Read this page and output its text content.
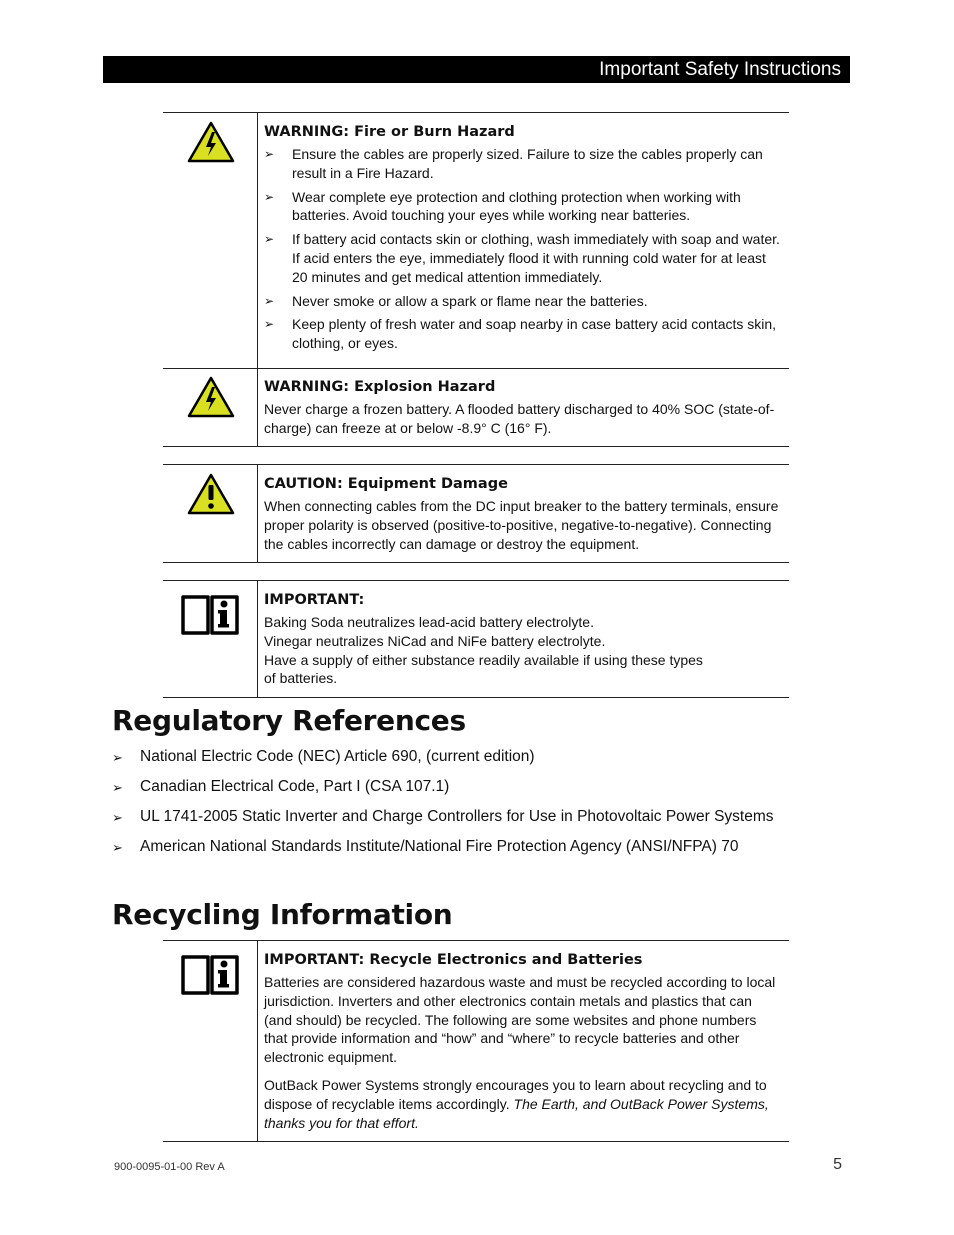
Important Safety Instructions

WARNING: Fire or Burn Hazard

➢ Ensure the cables are properly sized. Failure to size the cables properly can result in a Fire Hazard.
➢ Wear complete eye protection and clothing protection when working with batteries. Avoid touching your eyes while working near batteries.
➢ If battery acid contacts skin or clothing, wash immediately with soap and water. If acid enters the eye, immediately flood it with running cold water for at least 20 minutes and get medical attention immediately.
➢ Never smoke or allow a spark or flame near the batteries.
➢ Keep plenty of fresh water and soap nearby in case battery acid contacts skin, clothing, or eyes.

WARNING: Explosion Hazard

Never charge a frozen battery. A flooded battery discharged to 40% SOC (state-of-charge) can freeze at or below -8.9° C (16° F).

CAUTION: Equipment Damage

When connecting cables from the DC input breaker to the battery terminals, ensure proper polarity is observed (positive-to-positive, negative-to-negative). Connecting the cables incorrectly can damage or destroy the equipment.

IMPORTANT:

Baking Soda neutralizes lead-acid battery electrolyte.
Vinegar neutralizes NiCad and NiFe battery electrolyte.
Have a supply of either substance readily available if using these types
of batteries.
Regulatory References
➢ National Electric Code (NEC) Article 690, (current edition)
➢ Canadian Electrical Code, Part I (CSA 107.1)
➢ UL 1741-2005 Static Inverter and Charge Controllers for Use in Photovoltaic Power Systems
➢ American National Standards Institute/National Fire Protection Agency (ANSI/NFPA) 70
Recycling Information

IMPORTANT: Recycle Electronics and Batteries

Batteries are considered hazardous waste and must be recycled according to local jurisdiction. Inverters and other electronics contain metals and plastics that can (and should) be recycled. The following are some websites and phone numbers that provide information and “how” and “where” to recycle batteries and other electronic equipment.

OutBack Power Systems strongly encourages you to learn about recycling and to dispose of recyclable items accordingly. The Earth, and OutBack Power Systems, thanks you for that effort.

900-0095-01-00 Rev A	5
